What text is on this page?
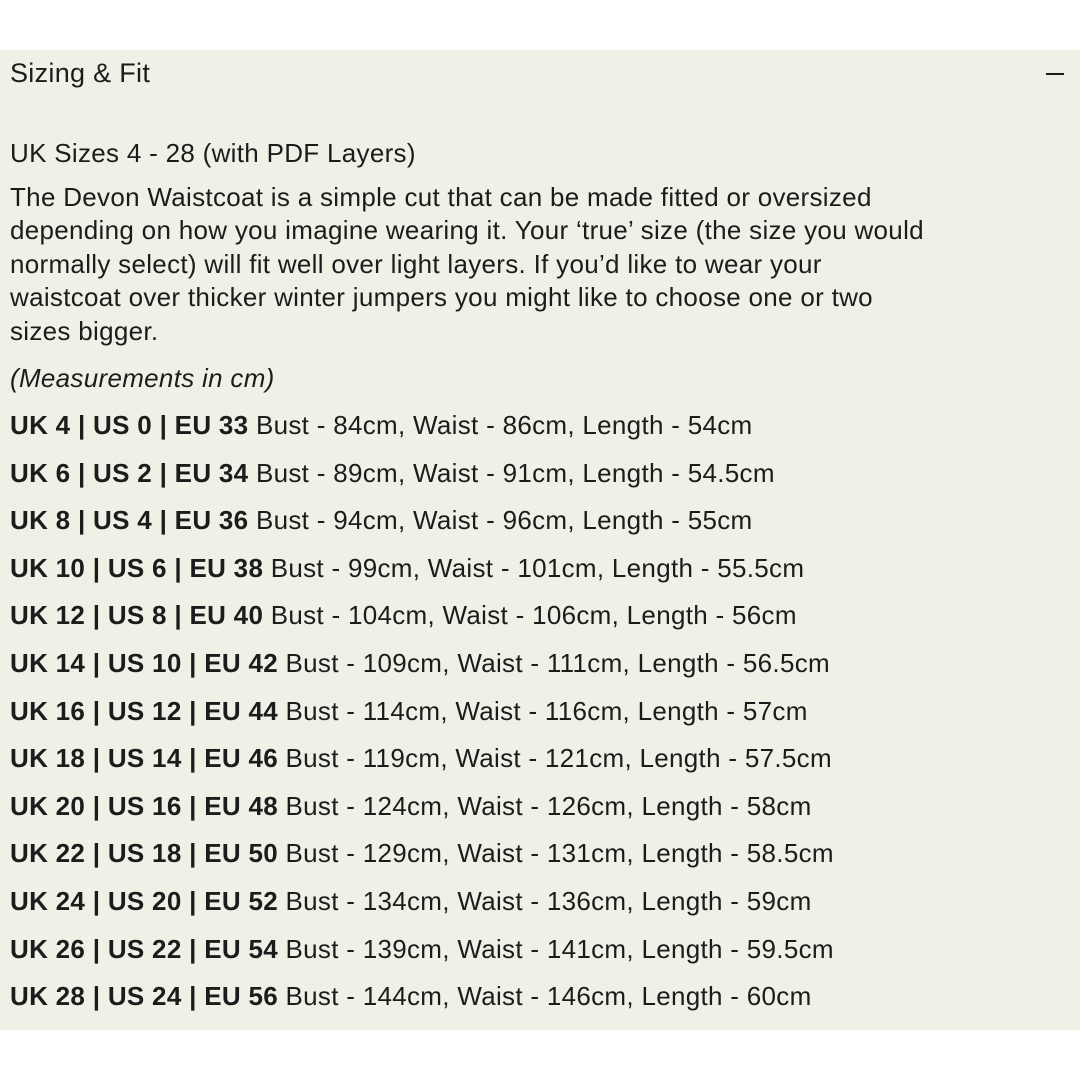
Sizing & Fit

UK Sizes 4 - 28 (with PDF Layers)

The Devon Waistcoat is a simple cut that can be made fitted or oversized
depending on how you imagine wearing it. Your ‘true’ size (the size you would
normally select) will fit well over light layers. If you’d like to wear your
waistcoat over thicker winter jumpers you might like to choose one or two
sizes bigger.

(Measurements in cm)

UK 4 | US 0 | EU 33 Bust - 84cm, Waist - 86cm, Length - 54cm
UK 6 | US 2 | EU 34 Bust - 89cm, Waist - 91cm, Length - 54.5cm
UK 8 | US 4 | EU 36 Bust - 94cm, Waist - 96cm, Length - 55cm
UK 10 | US 6 | EU 38 Bust - 99cm, Waist - 101cm, Length - 55.5cm
UK 12 | US 8 | EU 40 Bust - 104cm, Waist - 106cm, Length - 56cm
UK 14 | US 10 | EU 42 Bust - 109cm, Waist - 111cm, Length - 56.5cm
UK 16 | US 12 | EU 44 Bust - 114cm, Waist - 116cm, Length - 57cm
UK 18 | US 14 | EU 46 Bust - 119cm, Waist - 121cm, Length - 57.5cm
UK 20 | US 16 | EU 48 Bust - 124cm, Waist - 126cm, Length - 58cm
UK 22 | US 18 | EU 50 Bust - 129cm, Waist - 131cm, Length - 58.5cm
UK 24 | US 20 | EU 52 Bust - 134cm, Waist - 136cm, Length - 59cm
UK 26 | US 22 | EU 54 Bust - 139cm, Waist - 141cm, Length - 59.5cm
UK 28 | US 24 | EU 56 Bust - 144cm, Waist - 146cm, Length - 60cm
